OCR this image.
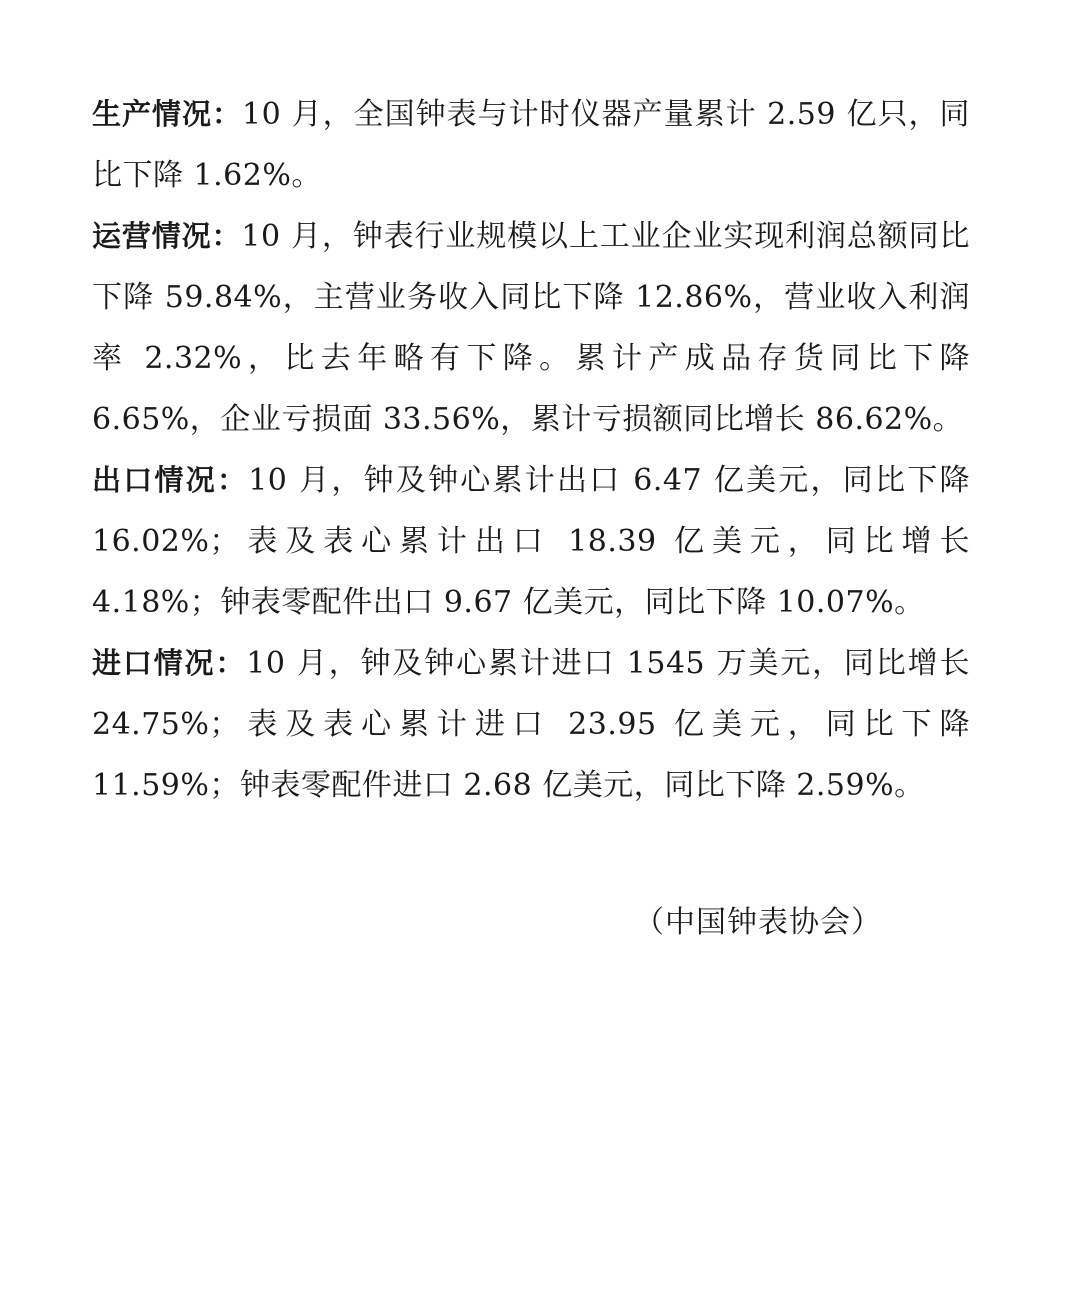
生产情况：10 月，全国钟表与计时仪器产量累计 2.59 亿只，同比下降 1.62%。

运营情况：10 月，钟表行业规模以上工业企业实现利润总额同比下降 59.84%，主营业务收入同比下降 12.86%，营业收入利润率 2.32%，比去年略有下降。累计产成品存货同比下降 6.65%，企业亏损面 33.56%，累计亏损额同比增长 86.62%。

出口情况：10 月，钟及钟心累计出口 6.47 亿美元，同比下降 16.02%；表及表心累计出口 18.39 亿美元，同比增长 4.18%；钟表零配件出口 9.67 亿美元，同比下降 10.07%。

进口情况：10 月，钟及钟心累计进口 1545 万美元，同比增长 24.75%；表及表心累计进口 23.95 亿美元，同比下降 11.59%；钟表零配件进口 2.68 亿美元，同比下降 2.59%。

（中国钟表协会）
